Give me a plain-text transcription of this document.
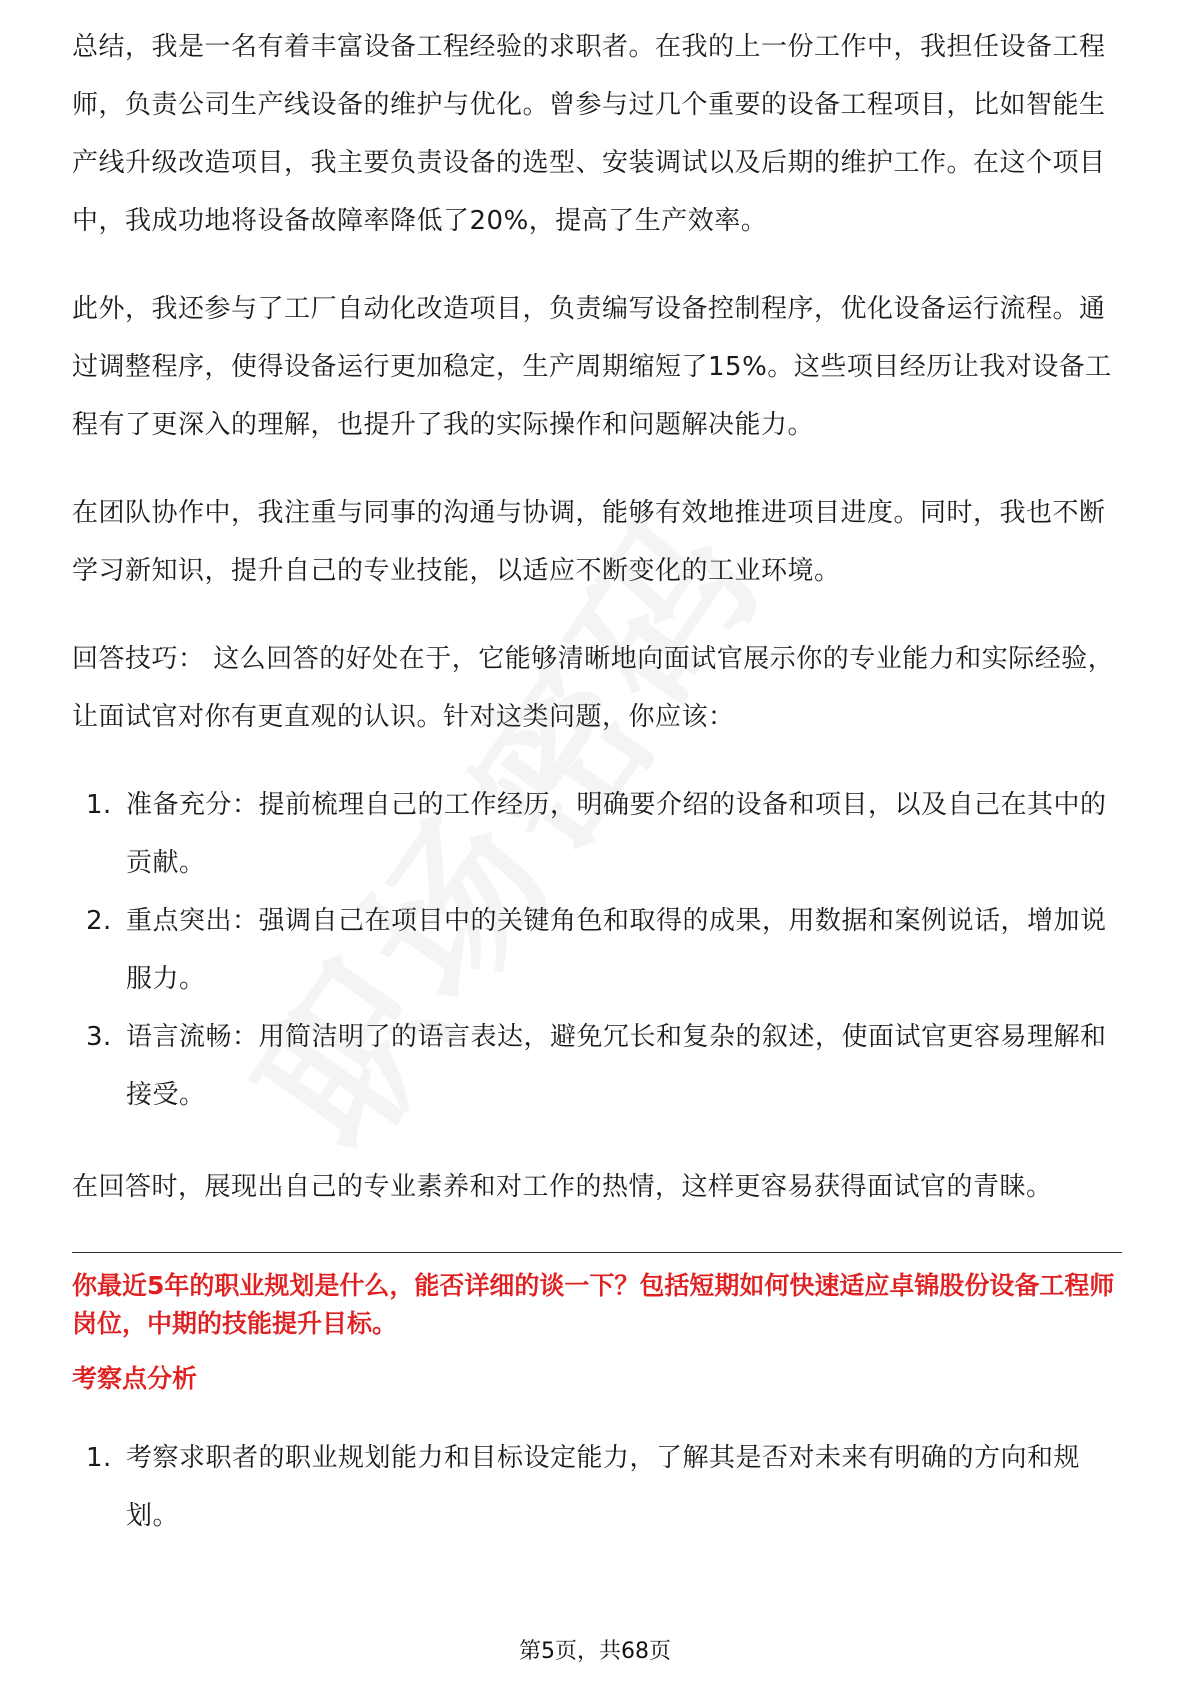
总结，我是一名有着丰富设备工程经验的求职者。在我的上一份工作中，我担任设备工程师，负责公司生产线设备的维护与优化。曾参与过几个重要的设备工程项目，比如智能生产线升级改造项目，我主要负责设备的选型、安装调试以及后期的维护工作。在这个项目中，我成功地将设备故障率降低了20%，提高了生产效率。

此外，我还参与了工厂自动化改造项目，负责编写设备控制程序，优化设备运行流程。通过调整程序，使得设备运行更加稳定，生产周期缩短了15%。这些项目经历让我对设备工程有了更深入的理解，也提升了我的实际操作和问题解决能力。

在团队协作中，我注重与同事的沟通与协调，能够有效地推进项目进度。同时，我也不断学习新知识，提升自己的专业技能，以适应不断变化的工业环境。

回答技巧： 这么回答的好处在于，它能够清晰地向面试官展示你的专业能力和实际经验，让面试官对你有更直观的认识。针对这类问题，你应该：

1. 准备充分：提前梳理自己的工作经历，明确要介绍的设备和项目，以及自己在其中的贡献。
2. 重点突出：强调自己在项目中的关键角色和取得的成果，用数据和案例说话，增加说服力。
3. 语言流畅：用简洁明了的语言表达，避免冗长和复杂的叙述，使面试官更容易理解和接受。

在回答时，展现出自己的专业素养和对工作的热情，这样更容易获得面试官的青睐。

你最近5年的职业规划是什么，能否详细的谈一下？包括短期如何快速适应卓锦股份设备工程师岗位，中期的技能提升目标。
考察点分析
1. 考察求职者的职业规划能力和目标设定能力，了解其是否对未来有明确的方向和规划。
第5页，共68页
